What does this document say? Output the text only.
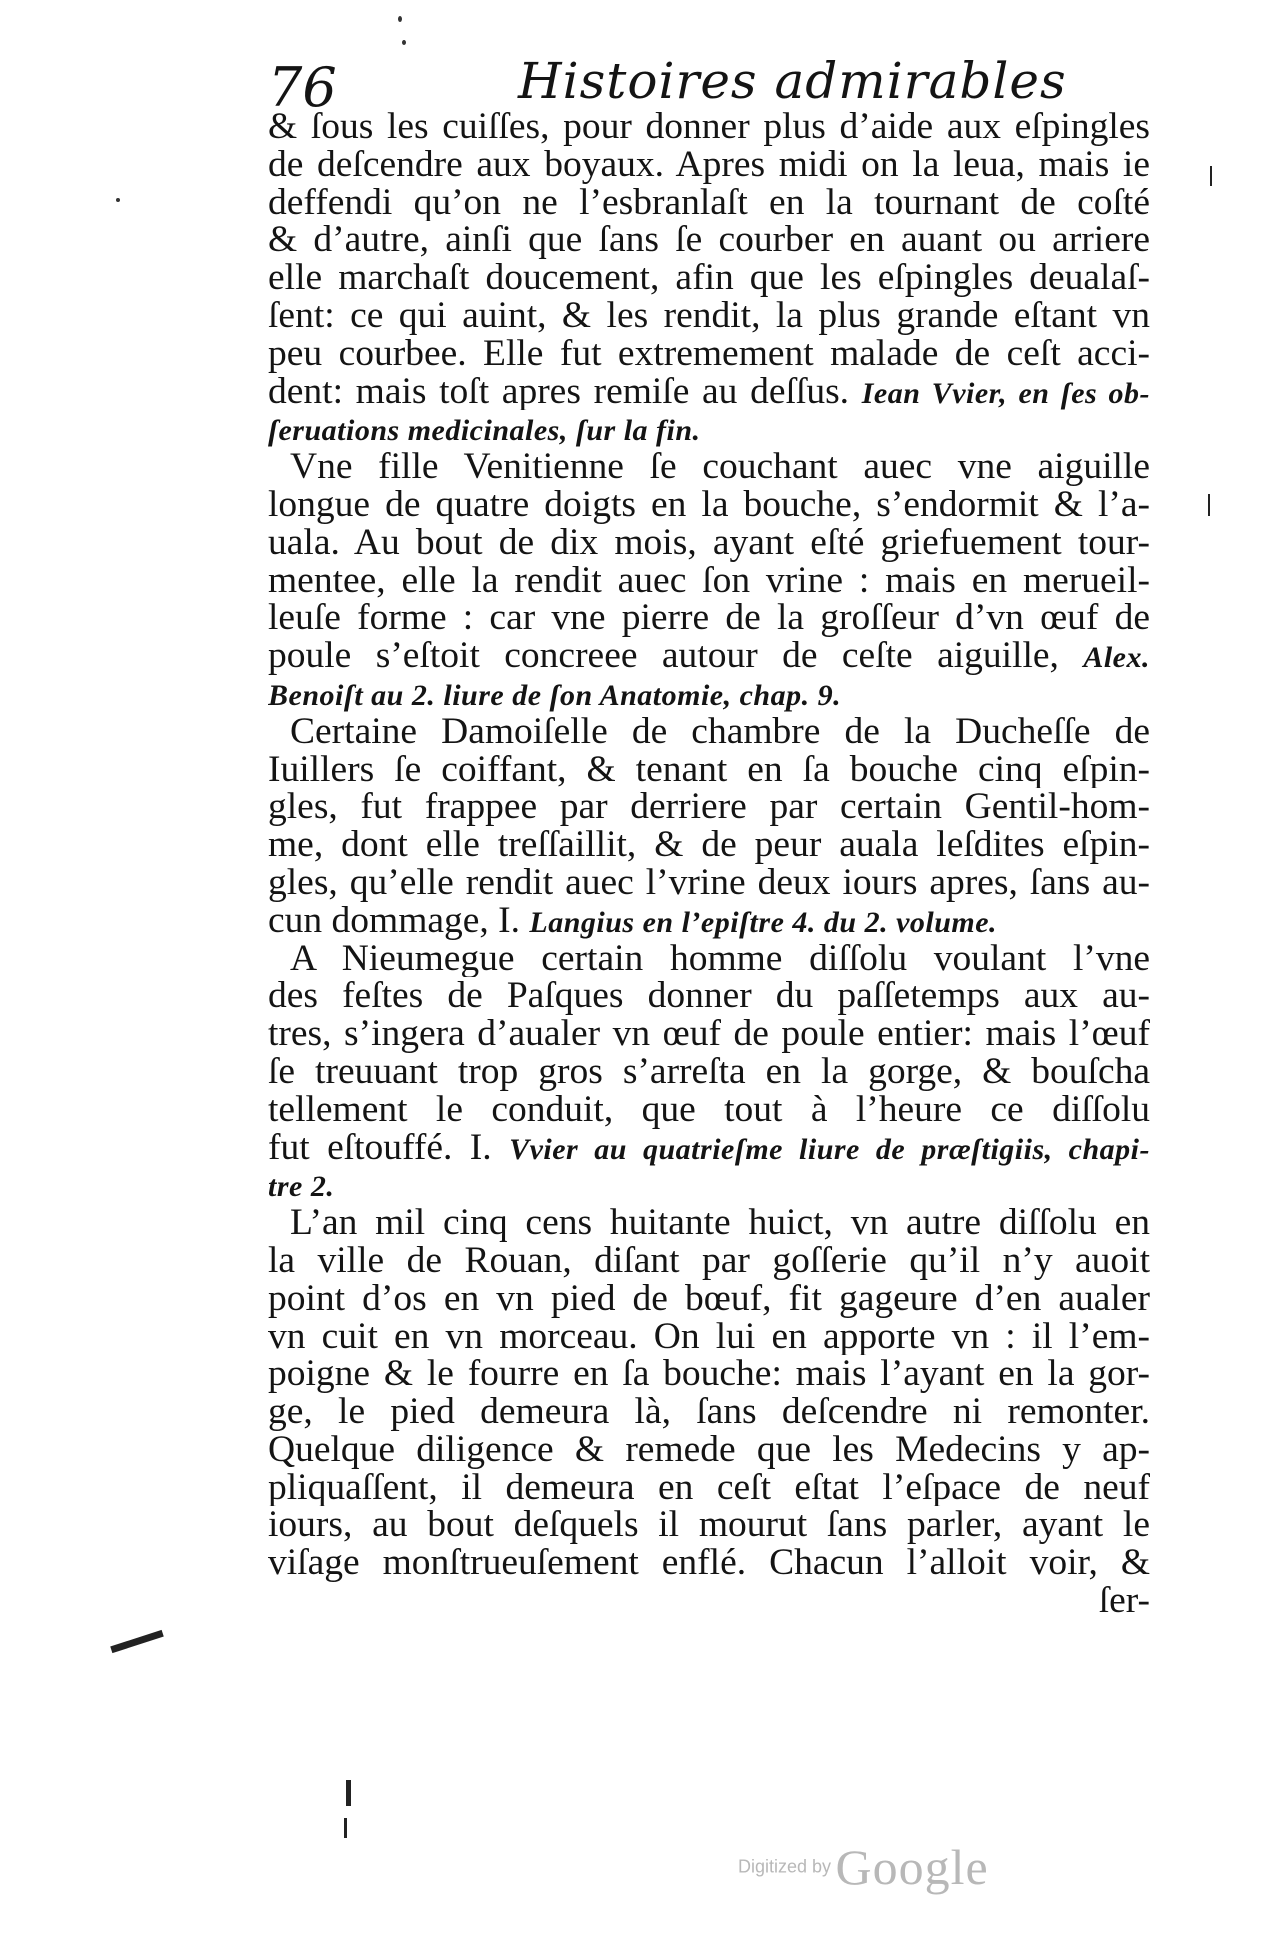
76	Histoires admirables
& ſous les cuiſſes, pour donner plus d’aide aux eſpingles
de deſcendre aux boyaux. Apres midi on la leua, mais ie
deffendi qu’on ne l’esbranlaſt en la tournant de coſté
& d’autre, ainſi que ſans ſe courber en auant ou arriere
elle marchaſt doucement, afin que les eſpingles deualaſ-
ſent: ce qui auint, & les rendit, la plus grande eſtant vn
peu courbee. Elle fut extremement malade de ceſt acci-
dent: mais toſt apres remiſe au deſſus. Iean Vvier, en ſes ob-
ſeruations medicinales, ſur la fin.
Vne fille Venitienne ſe couchant auec vne aiguille
longue de quatre doigts en la bouche, s’endormit & l’a-
uala. Au bout de dix mois, ayant eſté griefuement tour-
mentee, elle la rendit auec ſon vrine : mais en merueil-
leuſe forme : car vne pierre de la groſſeur d’vn œuf de
poule s’eſtoit concreee autour de ceſte aiguille, Alex.
Benoiſt au 2. liure de ſon Anatomie, chap. 9.
Certaine Damoiſelle de chambre de la Ducheſſe de
Iuillers ſe coiffant, & tenant en ſa bouche cinq eſpin-
gles, fut frappee par derriere par certain Gentil-hom-
me, dont elle treſſaillit, & de peur auala leſdites eſpin-
gles, qu’elle rendit auec l’vrine deux iours apres, ſans au-
cun dommage, I. Langius en l’epiſtre 4. du 2. volume.
A Nieumegue certain homme diſſolu voulant l’vne
des feſtes de Paſques donner du paſſetemps aux au-
tres, s’ingera d’aualer vn œuf de poule entier: mais l’œuf
ſe treuuant trop gros s’arreſta en la gorge, & bouſcha
tellement le conduit, que tout à l’heure ce diſſolu
fut eſtouffé. I. Vvier au quatrieſme liure de præſtigiis, chapi-
tre 2.
L’an mil cinq cens huitante huict, vn autre diſſolu en
la ville de Rouan, diſant par goſſerie qu’il n’y auoit
point d’os en vn pied de bœuf, fit gageure d’en aualer
vn cuit en vn morceau. On lui en apporte vn : il l’em-
poigne & le fourre en ſa bouche: mais l’ayant en la gor-
ge, le pied demeura là, ſans deſcendre ni remonter.
Quelque diligence & remede que les Medecins y ap-
pliquaſſent, il demeura en ceſt eſtat l’eſpace de neuf
iours, au bout deſquels il mourut ſans parler, ayant le
viſage monſtrueuſement enflé. Chacun l’alloit voir, &
ſer-
Digitized by Google
